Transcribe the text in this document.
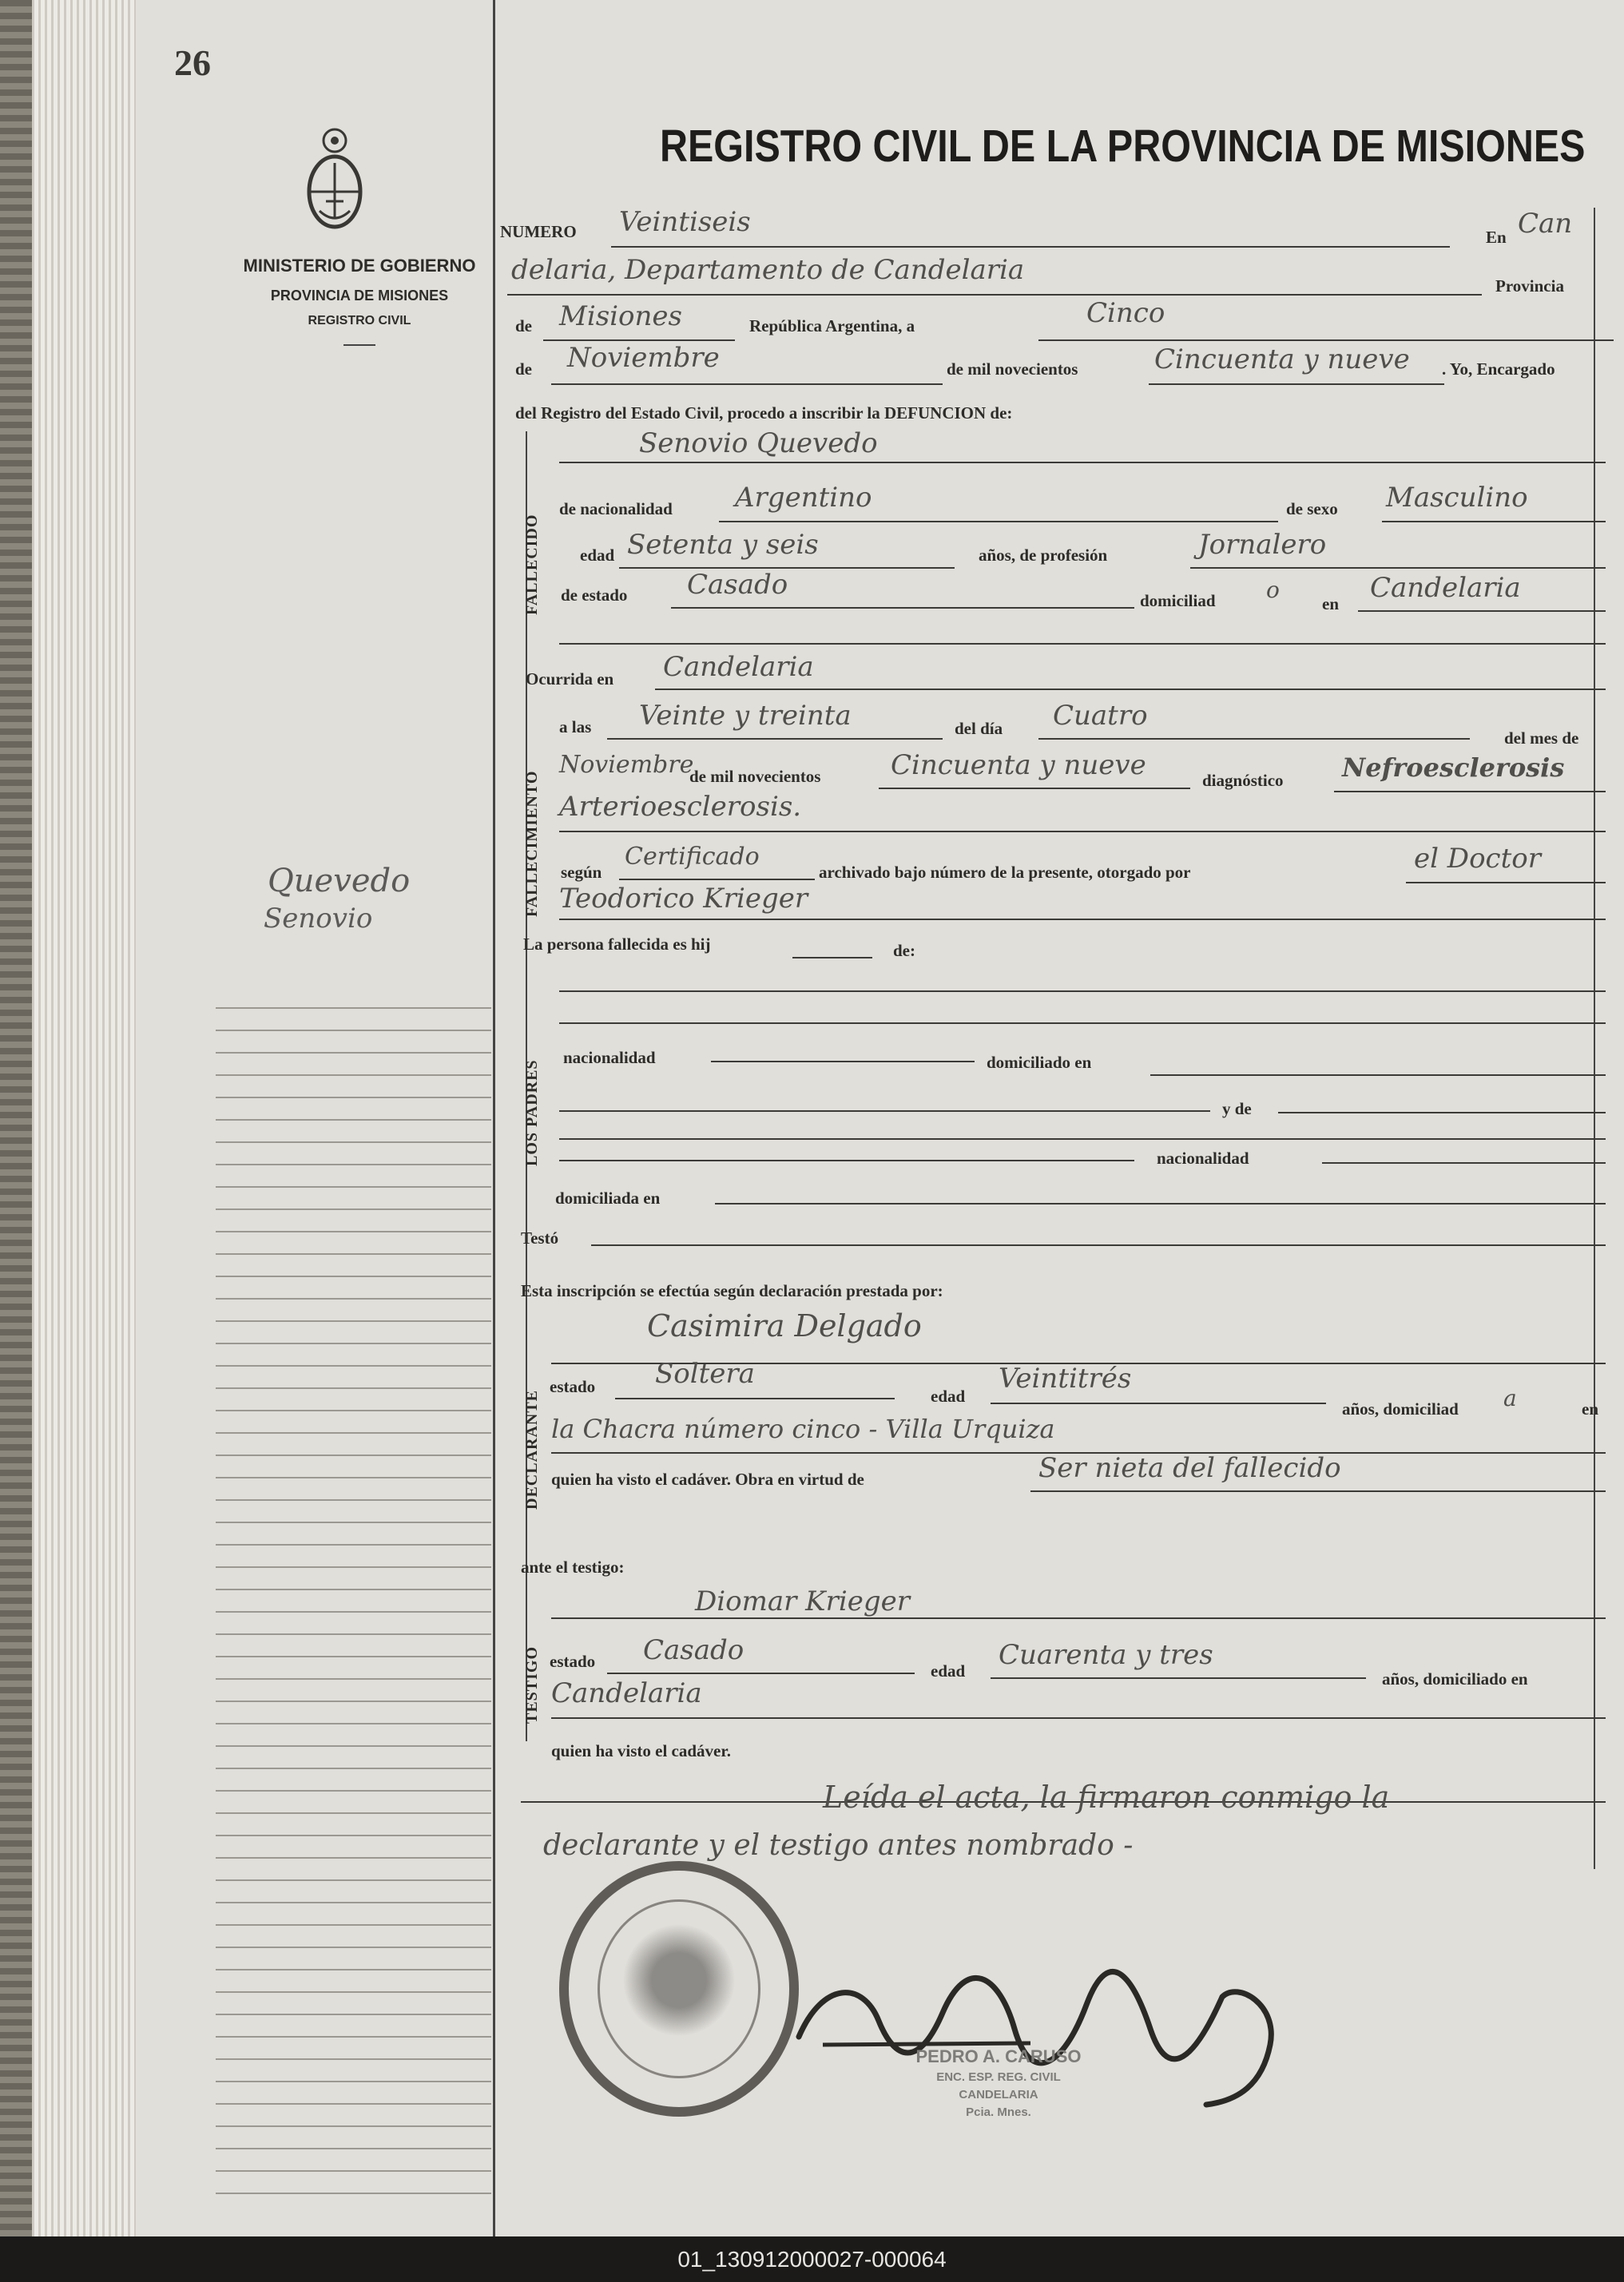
26
MINISTERIO DE GOBIERNO
PROVINCIA DE MISIONES
REGISTRO CIVIL
Quevedo
Senovio
REGISTRO CIVIL DE LA PROVINCIA DE MISIONES
NUMERO Veintiseis	En Can
delaria, Departamento de Candelaria	Provincia
de Misiones	República Argentina, a	Cinco
de Noviembre	de mil novecientos	Cincuenta y nueve . Yo, Encargado
del Registro del Estado Civil, procedo a inscribir la DEFUNCION de:
FALLECIDO
Senovio Quevedo
de nacionalidad Argentino	de sexo Masculino
edad Setenta y seis	años, de profesión	Jornalero
de estado Casado	domiciliad o
en Candelaria
Ocurrida en Candelaria
FALLECIMIENTO
a las Veinte y treinta	del día Cuatro
del mes de
Noviembre
de mil novecientos	Cincuenta y nueve	diagnóstico Nefroesclerosis
Arterioesclerosis.
según
Certificado
archivado bajo número de la presente, otorgado por	el Doctor
Teodorico Krieger
La persona fallecida es hij	de:
LOS PADRES
nacionalidad	domiciliado en
y de
nacionalidad
domiciliada en
Testó
Esta inscripción se efectúa según declaración prestada por:
DECLARANTE
Casimira Delgado
estado Soltera
edad
Veintitrés
años, domiciliad a	en
la Chacra número cinco - Villa Urquiza
quien ha visto el cadáver. Obra en virtud de	Ser nieta del fallecido
ante el testigo:
TESTIGO
Diomar Krieger
estado Casado
edad Cuarenta y tres
años, domiciliado en
Candelaria
quien ha visto el cadáver.
Leída el acta, la firmaron conmigo la
declarante y el testigo antes nombrado -
PEDRO A. CARUSO
ENC. ESP. REG. CIVIL
CANDELARIA
Pcia. Mnes.
01_130912000027-000064
